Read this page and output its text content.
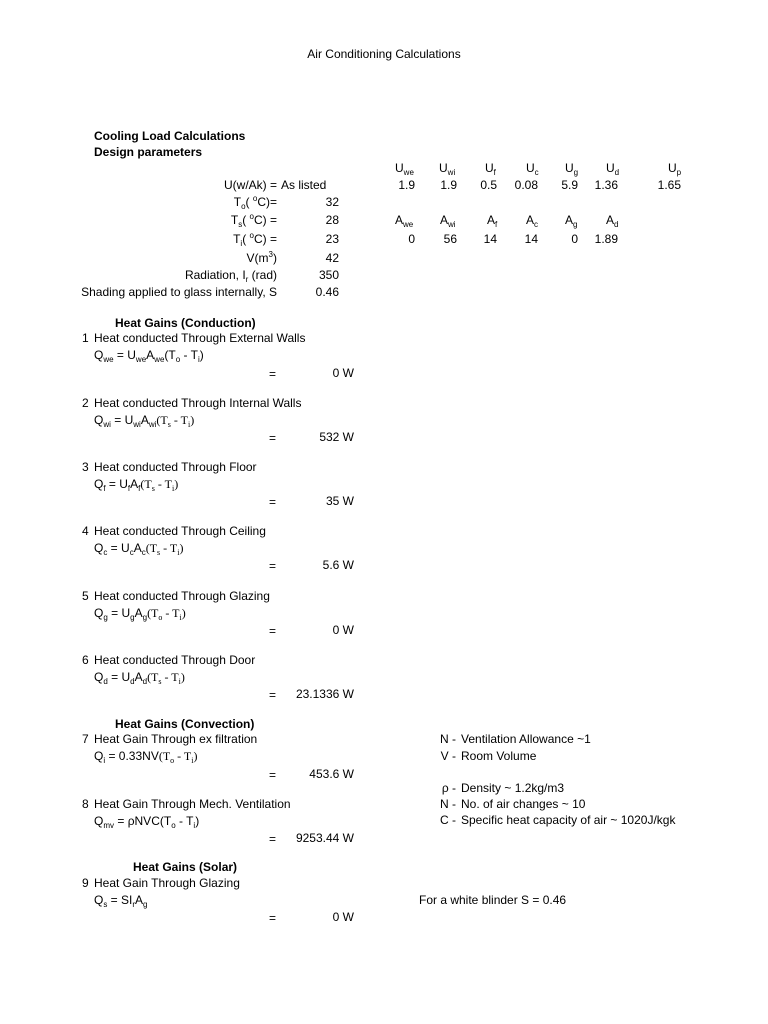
Air Conditioning Calculations
Cooling Load Calculations
Design parameters
U(w/Ak) = As listed
$T_o$( $^o$C)=	32
$T_s$( $^o$C) =	28
$T_i$( $^o$C) =	23
$V(m^3)$	42
Radiation, $I_r$ (rad)	350
Shading applied to glass internally, S	0.46
$U_{we}$ $U_{wi}$ $U_f$	$U_c$ $U_g$ $U_d$	$U_p$
1.9 1.9 0.5 0.08 5.9 1.36	1.65
$A_{we}$ $A_{wi}$	$A_f$ $A_c$ $A_g$ $A_d$
0 56 14 14	0 1.89
Heat Gains (Conduction)
1 Heat conducted Through External Walls
$Q_{we} = U_{we}A_{we}(T_o - T_i)$
=	0 W
2 Heat conducted Through Internal Walls
$Q_{wi} = U_{wi}A_{wi}(T_s - T_i)$
=	532 W
3 Heat conducted Through Floor
$Q_f = U_fA_f(T_s - T_i)$
=	35 W
4 Heat conducted Through Ceiling
$Q_c = U_cA_c(T_s - T_i)$
=	5.6 W
5 Heat conducted Through Glazing
$Q_g = U_gA_g(T_o - T_i)$
=	0 W
6 Heat conducted Through Door
$Q_d = U_dA_d(T_s - T_i)$
= 23.1336 W
Heat Gains (Convection)
7 Heat Gain Through ex filtration
$Q_i = 0.33NV(T_o - T_i)$
=	453.6 W
8 Heat Gain Through Mech. Ventilation
$Q_{mv} = \rho NVC(T_o - T_i)$
= 9253.44 W
N - Ventilation Allowance ~1
V - Room Volume
ρ - Density ~ 1.2kg/m3
N - No. of air changes ~ 10
C - Specific heat capacity of air ~ 1020J/kgk
Heat Gains (Solar)
9 Heat Gain Through Glazing
$Q_s = SI_rA_g$
=	0 W
For a white blinder S = 0.46
